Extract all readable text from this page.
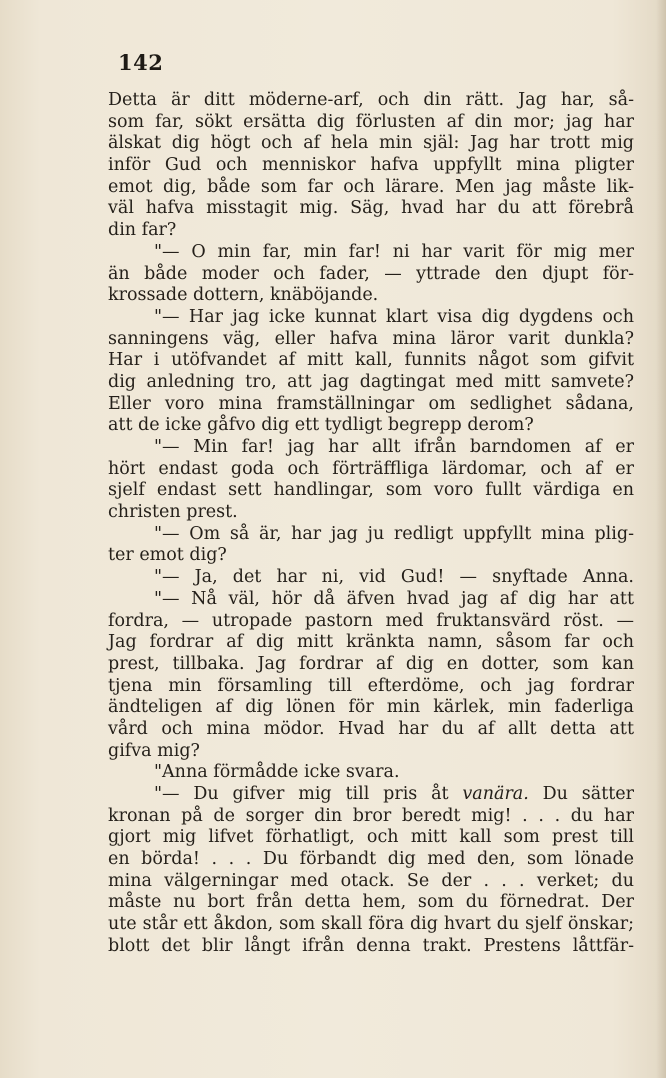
142
Detta är ditt möderne-arf, och din rätt. Jag har, så-
som far, sökt ersätta dig förlusten af din mor; jag har
älskat dig högt och af hela min själ: Jag har trott mig
inför Gud och menniskor hafva uppfyllt mina pligter
emot dig, både som far och lärare. Men jag måste lik-
väl hafva misstagit mig. Säg, hvad har du att förebrå
din far?
"— O min far, min far! ni har varit för mig mer
än både moder och fader, — yttrade den djupt för-
krossade dottern, knäböjande.
"— Har jag icke kunnat klart visa dig dygdens och
sanningens väg, eller hafva mina läror varit dunkla?
Har i utöfvandet af mitt kall, funnits något som gifvit
dig anledning tro, att jag dagtingat med mitt samvete?
Eller voro mina framställningar om sedlighet sådana,
att de icke gåfvo dig ett tydligt begrepp derom?
"— Min far! jag har allt ifrån barndomen af er
hört endast goda och förträffliga lärdomar, och af er
sjelf endast sett handlingar, som voro fullt värdiga en
christen prest.
"— Om så är, har jag ju redligt uppfyllt mina plig-
ter emot dig?
"— Ja, det har ni, vid Gud! — snyftade Anna.
"— Nå väl, hör då äfven hvad jag af dig har att
fordra, — utropade pastorn med fruktansvärd röst. —
Jag fordrar af dig mitt kränkta namn, såsom far och
prest, tillbaka. Jag fordrar af dig en dotter, som kan
tjena min församling till efterdöme, och jag fordrar
ändteligen af dig lönen för min kärlek, min faderliga
vård och mina mödor. Hvad har du af allt detta att
gifva mig?
"Anna förmådde icke svara.
"— Du gifver mig till pris åt vanära. Du sätter
kronan på de sorger din bror beredt mig! . . . du har
gjort mig lifvet förhatligt, och mitt kall som prest till
en börda! . . . Du förbandt dig med den, som lönade
mina välgerningar med otack. Se der . . . verket; du
måste nu bort från detta hem, som du förnedrat. Der
ute står ett åkdon, som skall föra dig hvart du sjelf önskar;
blott det blir långt ifrån denna trakt. Prestens låttfär-
